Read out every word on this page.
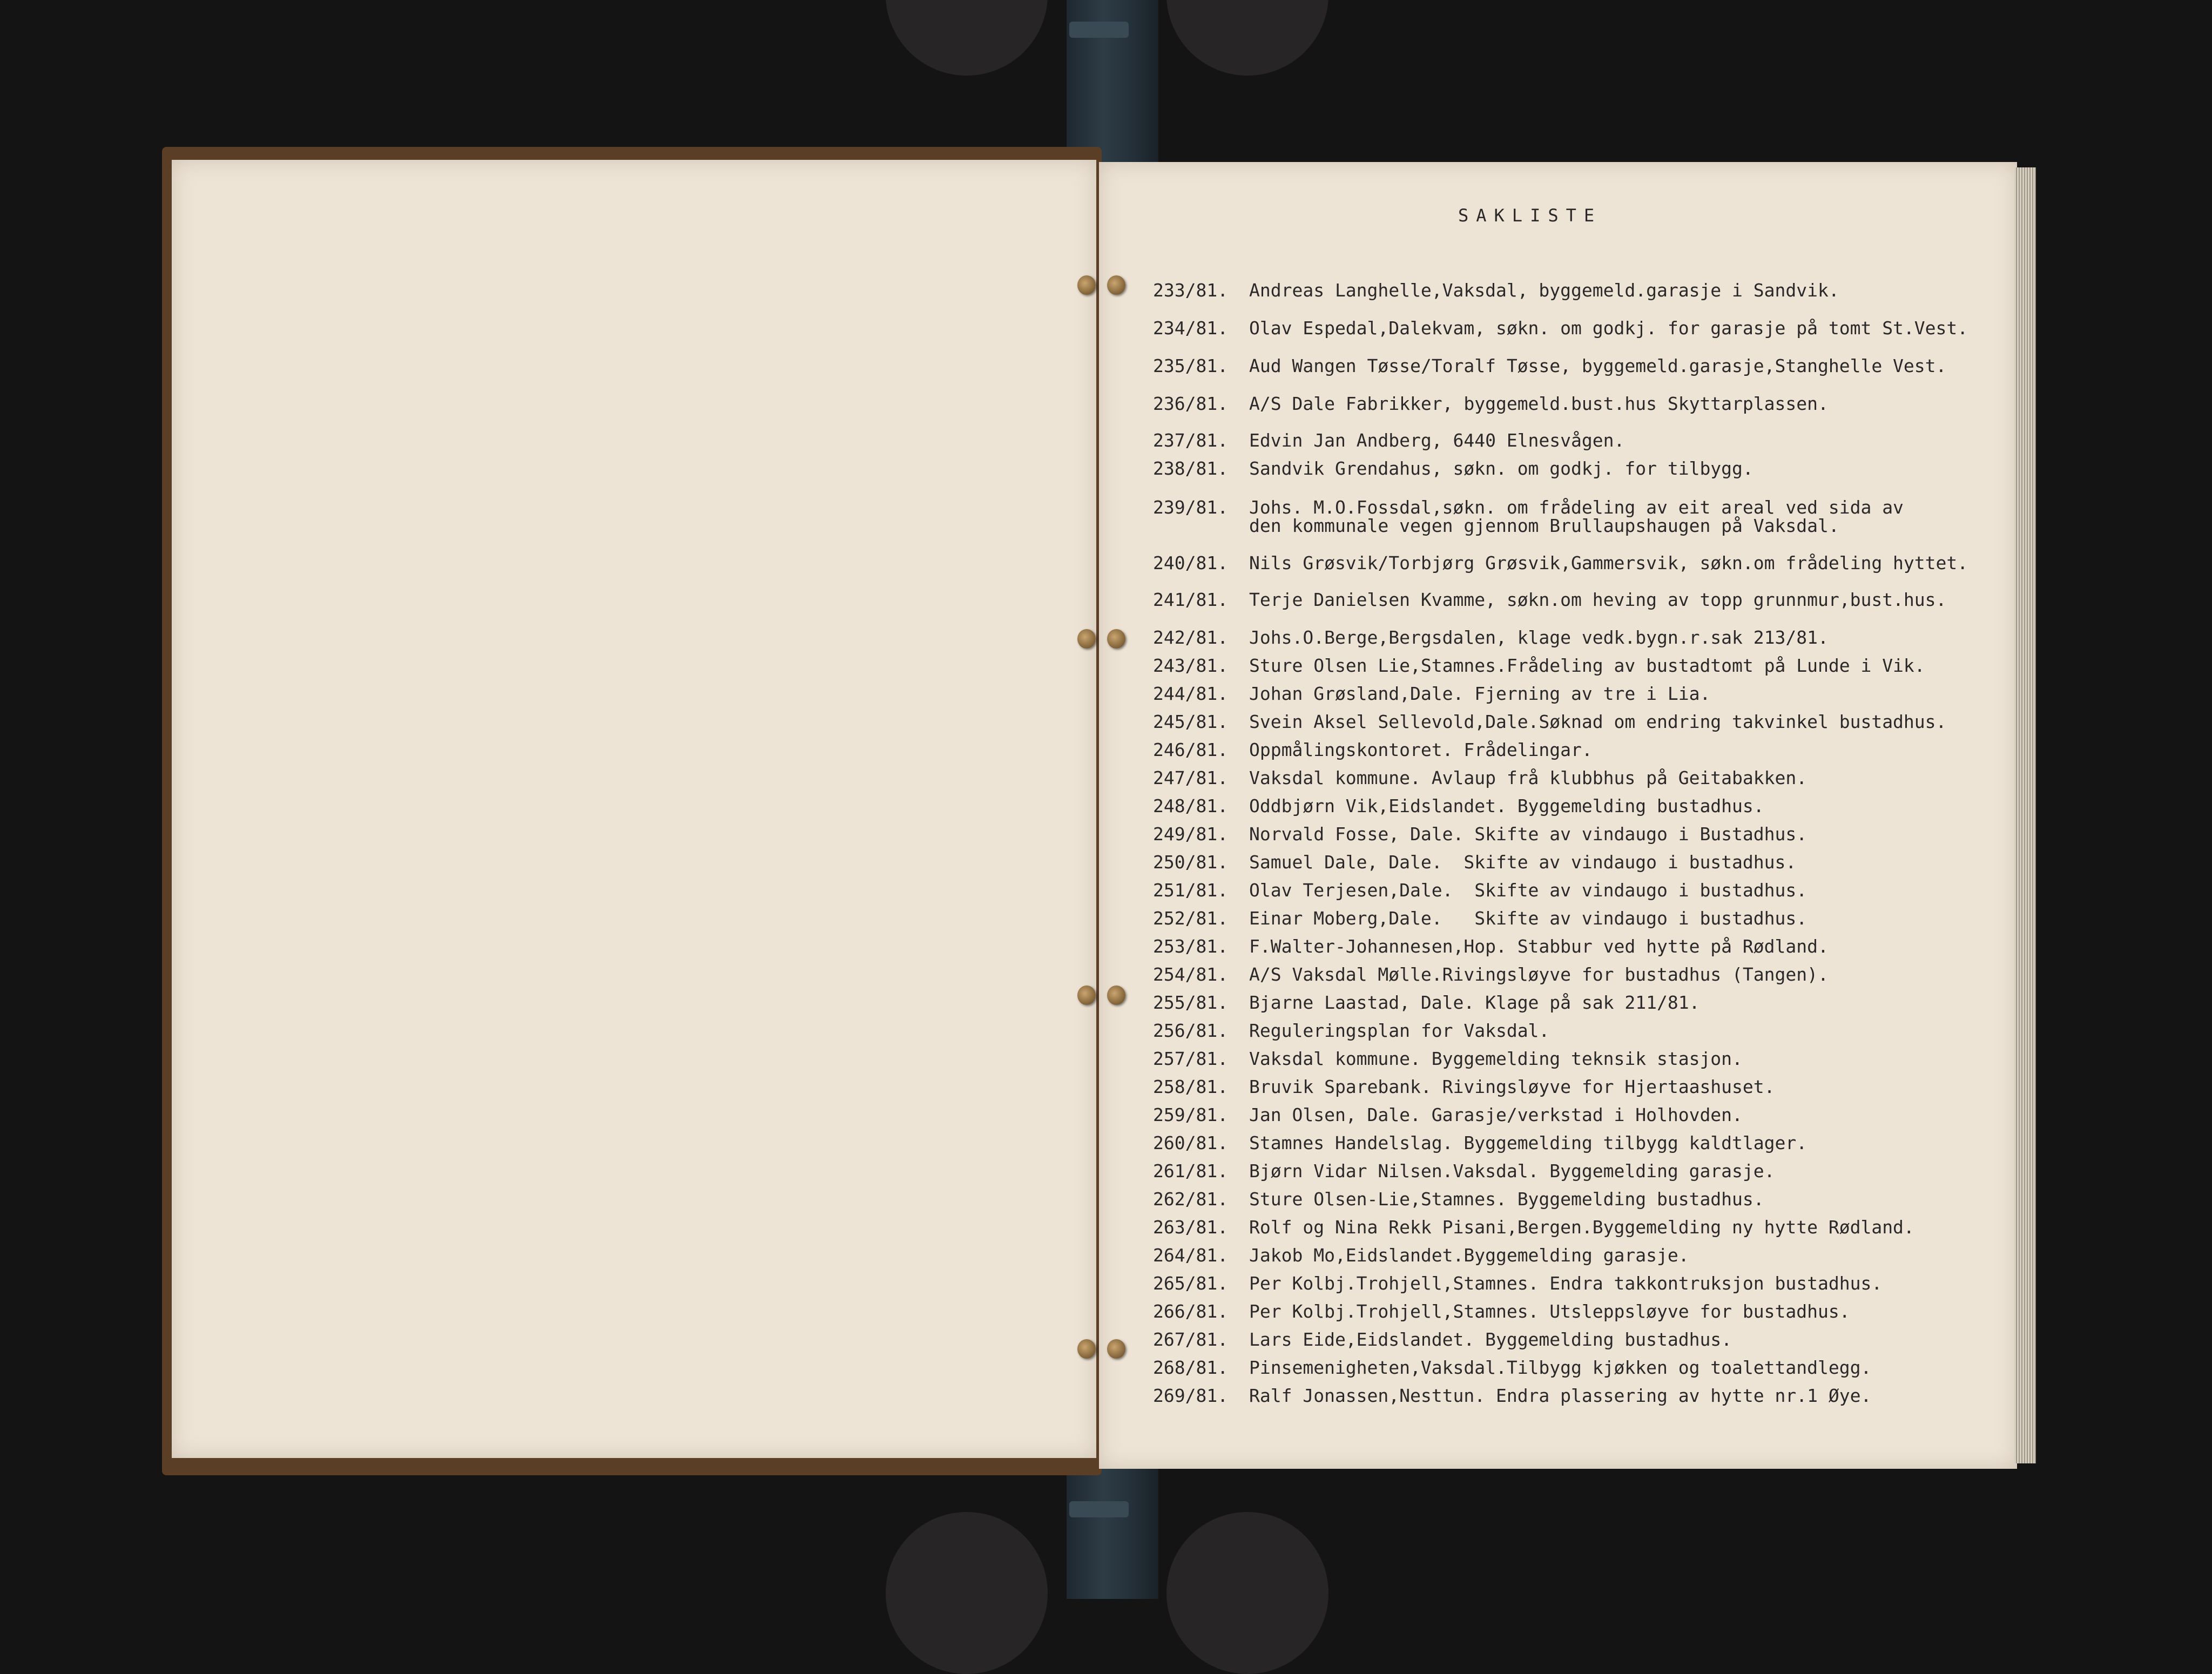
SAKLISTE
233/81. Andreas Langhelle,Vaksdal, byggemeld.garasje i Sandvik.
234/81. Olav Espedal,Dalekvam, søkn. om godkj. for garasje på tomt St.Vest.
235/81. Aud Wangen Tøsse/Toralf Tøsse, byggemeld.garasje,Stanghelle Vest.
236/81. A/S Dale Fabrikker, byggemeld.bust.hus Skyttarplassen.
237/81. Edvin Jan Andberg, 6440 Elnesvågen.
238/81. Sandvik Grendahus, søkn. om godkj. for tilbygg.
239/81. Johs. M.O.Fossdal,søkn. om frådeling av eit areal ved sida av
den kommunale vegen gjennom Brullaupshaugen på Vaksdal.
240/81. Nils Grøsvik/Torbjørg Grøsvik,Gammersvik, søkn.om frådeling hyttet.
241/81. Terje Danielsen Kvamme, søkn.om heving av topp grunnmur,bust.hus.
242/81. Johs.O.Berge,Bergsdalen, klage vedk.bygn.r.sak 213/81.
243/81. Sture Olsen Lie,Stamnes.Frådeling av bustadtomt på Lunde i Vik.
244/81. Johan Grøsland,Dale. Fjerning av tre i Lia.
245/81. Svein Aksel Sellevold,Dale.Søknad om endring takvinkel bustadhus.
246/81. Oppmålingskontoret. Frådelingar.
247/81. Vaksdal kommune. Avlaup frå klubbhus på Geitabakken.
248/81. Oddbjørn Vik,Eidslandet. Byggemelding bustadhus.
249/81. Norvald Fosse, Dale. Skifte av vindaugo i Bustadhus.
250/81. Samuel Dale, Dale.  Skifte av vindaugo i bustadhus.
251/81. Olav Terjesen,Dale.  Skifte av vindaugo i bustadhus.
252/81. Einar Moberg,Dale.   Skifte av vindaugo i bustadhus.
253/81. F.Walter-Johannesen,Hop. Stabbur ved hytte på Rødland.
254/81. A/S Vaksdal Mølle.Rivingsløyve for bustadhus (Tangen).
255/81. Bjarne Laastad, Dale. Klage på sak 211/81.
256/81. Reguleringsplan for Vaksdal.
257/81. Vaksdal kommune. Byggemelding teknsik stasjon.
258/81. Bruvik Sparebank. Rivingsløyve for Hjertaashuset.
259/81. Jan Olsen, Dale. Garasje/verkstad i Holhovden.
260/81. Stamnes Handelslag. Byggemelding tilbygg kaldtlager.
261/81. Bjørn Vidar Nilsen.Vaksdal. Byggemelding garasje.
262/81. Sture Olsen-Lie,Stamnes. Byggemelding bustadhus.
263/81. Rolf og Nina Rekk Pisani,Bergen.Byggemelding ny hytte Rødland.
264/81. Jakob Mo,Eidslandet.Byggemelding garasje.
265/81. Per Kolbj.Trohjell,Stamnes. Endra takkontruksjon bustadhus.
266/81. Per Kolbj.Trohjell,Stamnes. Utsleppsløyve for bustadhus.
267/81. Lars Eide,Eidslandet. Byggemelding bustadhus.
268/81. Pinsemenigheten,Vaksdal.Tilbygg kjøkken og toalettandlegg.
269/81. Ralf Jonassen,Nesttun. Endra plassering av hytte nr.1 Øye.
